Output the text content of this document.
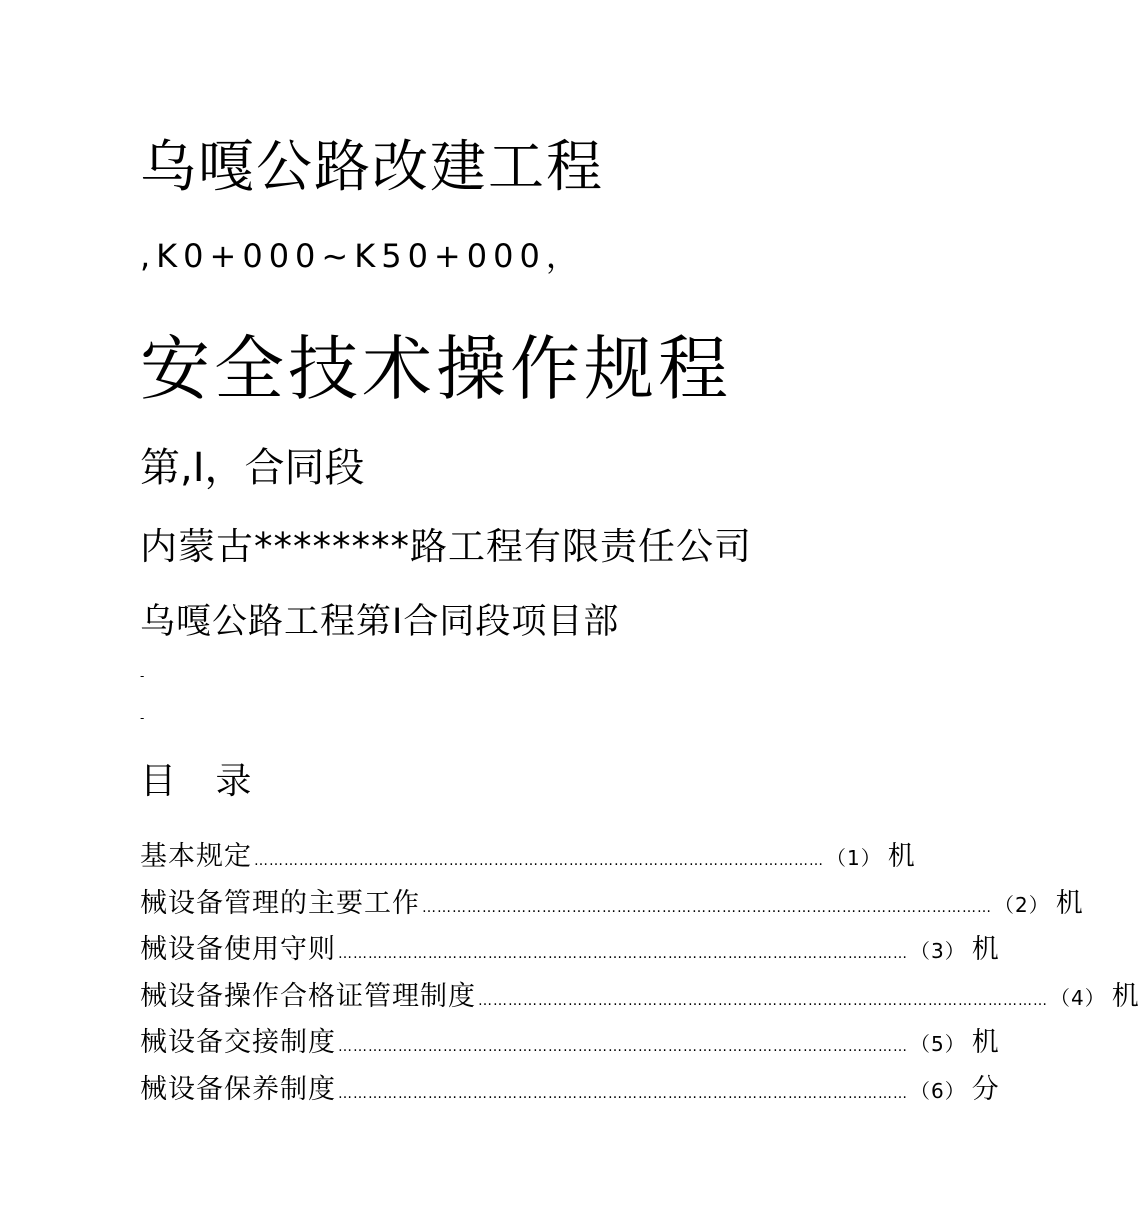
乌嘎公路改建工程
,K0+000~K50+000，
安全技术操作规程
第,I，合同段
内蒙古********路工程有限责任公司
乌嘎公路工程第Ⅰ合同段项目部
-
-
目 录
基本规定 …………………………………………………………………………………………………… （1） 机
械设备管理的主要工作 …………………………………………………………………………………………………… （2） 机
械设备使用守则 …………………………………………………………………………………………………… （3） 机
械设备操作合格证管理制度 …………………………………………………………………………………………………… （4） 机
械设备交接制度 …………………………………………………………………………………………………… （5） 机
械设备保养制度 …………………………………………………………………………………………………… （6） 分
